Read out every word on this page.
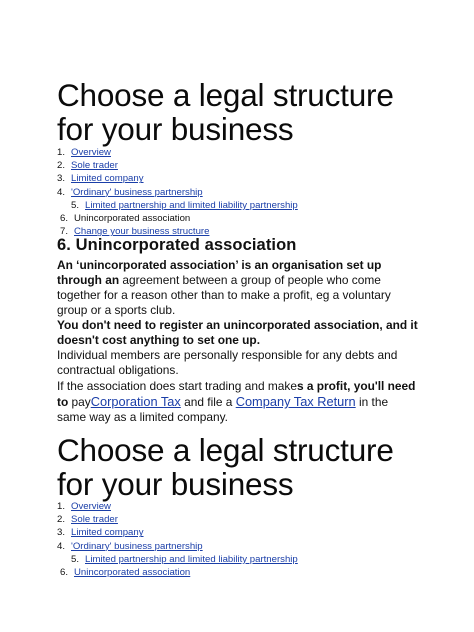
Choose a legal structure for your business
1. Overview
2. Sole trader
3. Limited company
4. 'Ordinary' business partnership
5. Limited partnership and limited liability partnership
6. Unincorporated association
7. Change your business structure
6. Unincorporated association

An ‘unincorporated association’ is an organisation set up through an agreement between a group of people who come together for a reason other than to make a profit, eg a voluntary group or a sports club.

You don't need to register an unincorporated association, and it doesn't cost anything to set one up.

Individual members are personally responsible for any debts and contractual obligations.

If the association does start trading and makes a profit, you'll need to payCorporation Tax and file a Company Tax Return in the same way as a limited company.

Choose a legal structure for your business
1. Overview
2. Sole trader
3. Limited company
4. 'Ordinary' business partnership
5. Limited partnership and limited liability partnership
6. Unincorporated association
